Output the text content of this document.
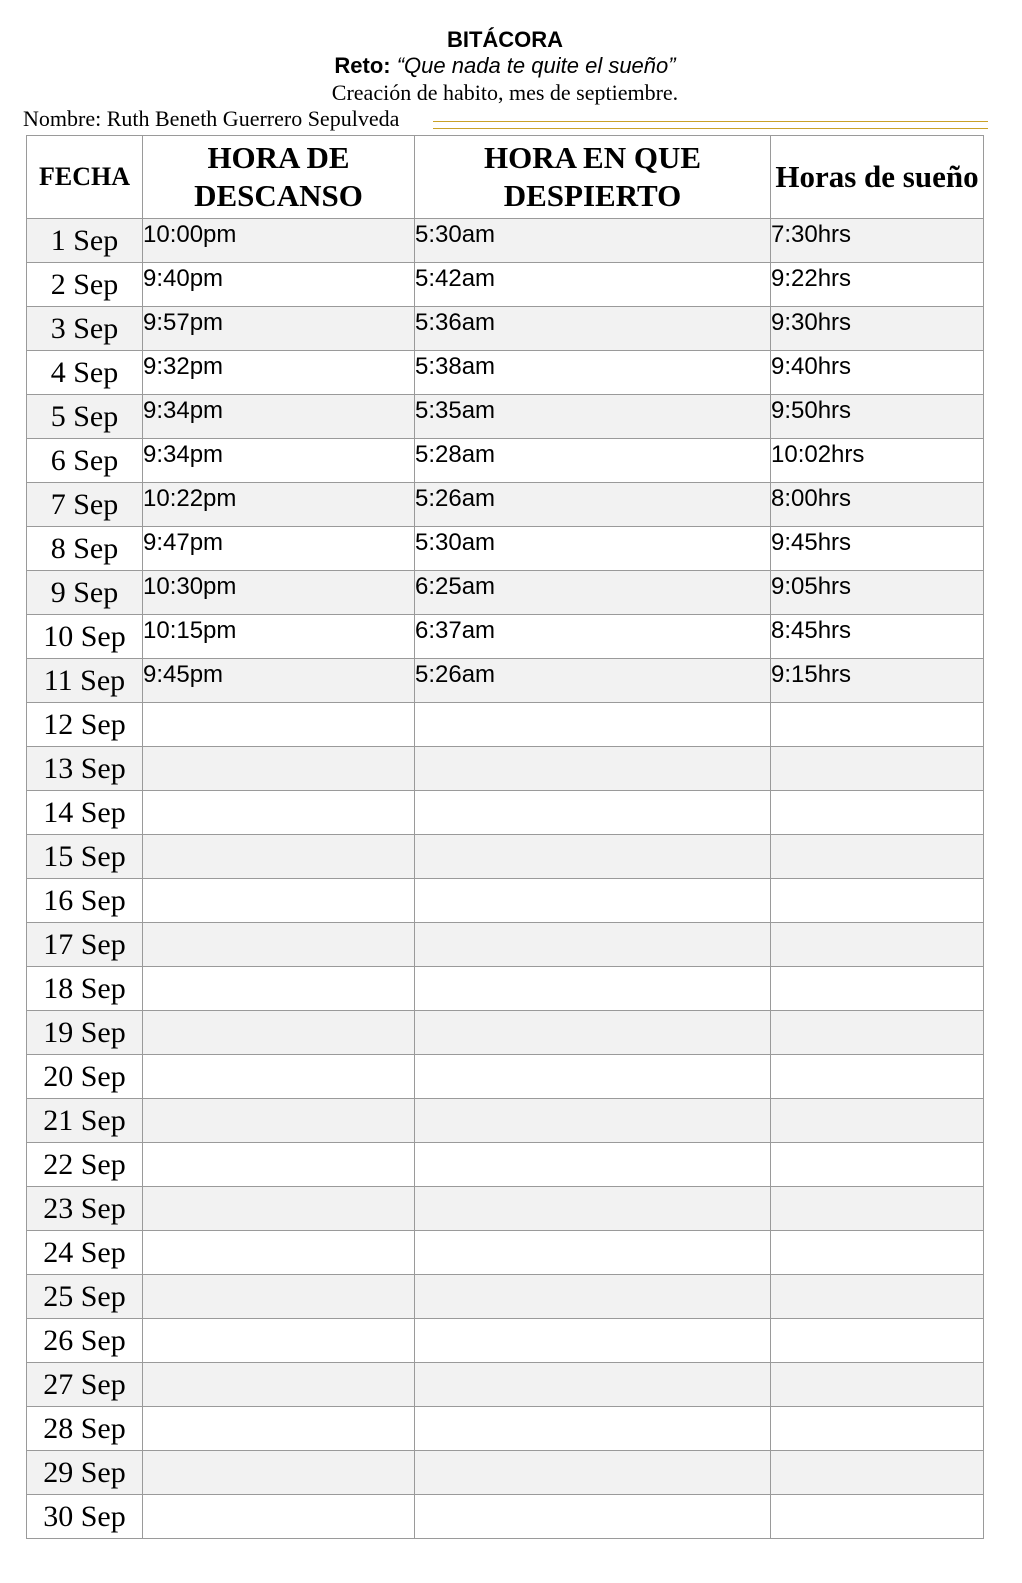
BITÁCORA
Reto: “Que nada te quite el sueño”
Creación de habito, mes de septiembre.
Nombre: Ruth Beneth Guerrero Sepulveda
FECHA	HORA DE DESCANSO	HORA EN QUE DESPIERTO	Horas de sueño
1 Sep	10:00pm	5:30am	7:30hrs
2 Sep	9:40pm	5:42am	9:22hrs
3 Sep	9:57pm	5:36am	9:30hrs
4 Sep	9:32pm	5:38am	9:40hrs
5 Sep	9:34pm	5:35am	9:50hrs
6 Sep	9:34pm	5:28am	10:02hrs
7 Sep	10:22pm	5:26am	8:00hrs
8 Sep	9:47pm	5:30am	9:45hrs
9 Sep	10:30pm	6:25am	9:05hrs
10 Sep	10:15pm	6:37am	8:45hrs
11 Sep	9:45pm	5:26am	9:15hrs
12 Sep			
13 Sep			
14 Sep			
15 Sep			
16 Sep			
17 Sep			
18 Sep			
19 Sep			
20 Sep			
21 Sep			
22 Sep			
23 Sep			
24 Sep			
25 Sep			
26 Sep			
27 Sep			
28 Sep			
29 Sep			
30 Sep			
